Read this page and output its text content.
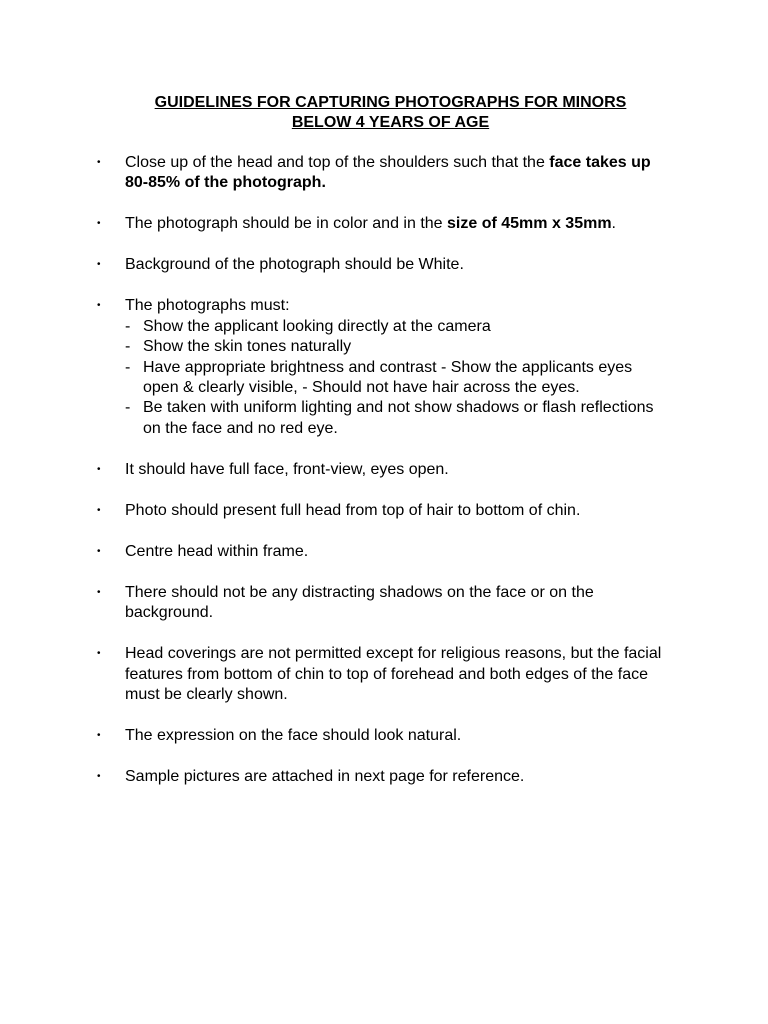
GUIDELINES FOR CAPTURING PHOTOGRAPHS FOR MINORS
BELOW 4 YEARS OF AGE
• Close up of the head and top of the shoulders such that the face takes up 80-85% of the photograph.
• The photograph should be in color and in the size of 45mm x 35mm.
• Background of the photograph should be White.
• The photographs must:
- Show the applicant looking directly at the camera
- Show the skin tones naturally
- Have appropriate brightness and contrast - Show the applicants eyes open & clearly visible, - Should not have hair across the eyes.
- Be taken with uniform lighting and not show shadows or flash reflections on the face and no red eye.
• It should have full face, front-view, eyes open.
• Photo should present full head from top of hair to bottom of chin.
• Centre head within frame.
• There should not be any distracting shadows on the face or on the background.
• Head coverings are not permitted except for religious reasons, but the facial features from bottom of chin to top of forehead and both edges of the face must be clearly shown.
• The expression on the face should look natural.
• Sample pictures are attached in next page for reference.
